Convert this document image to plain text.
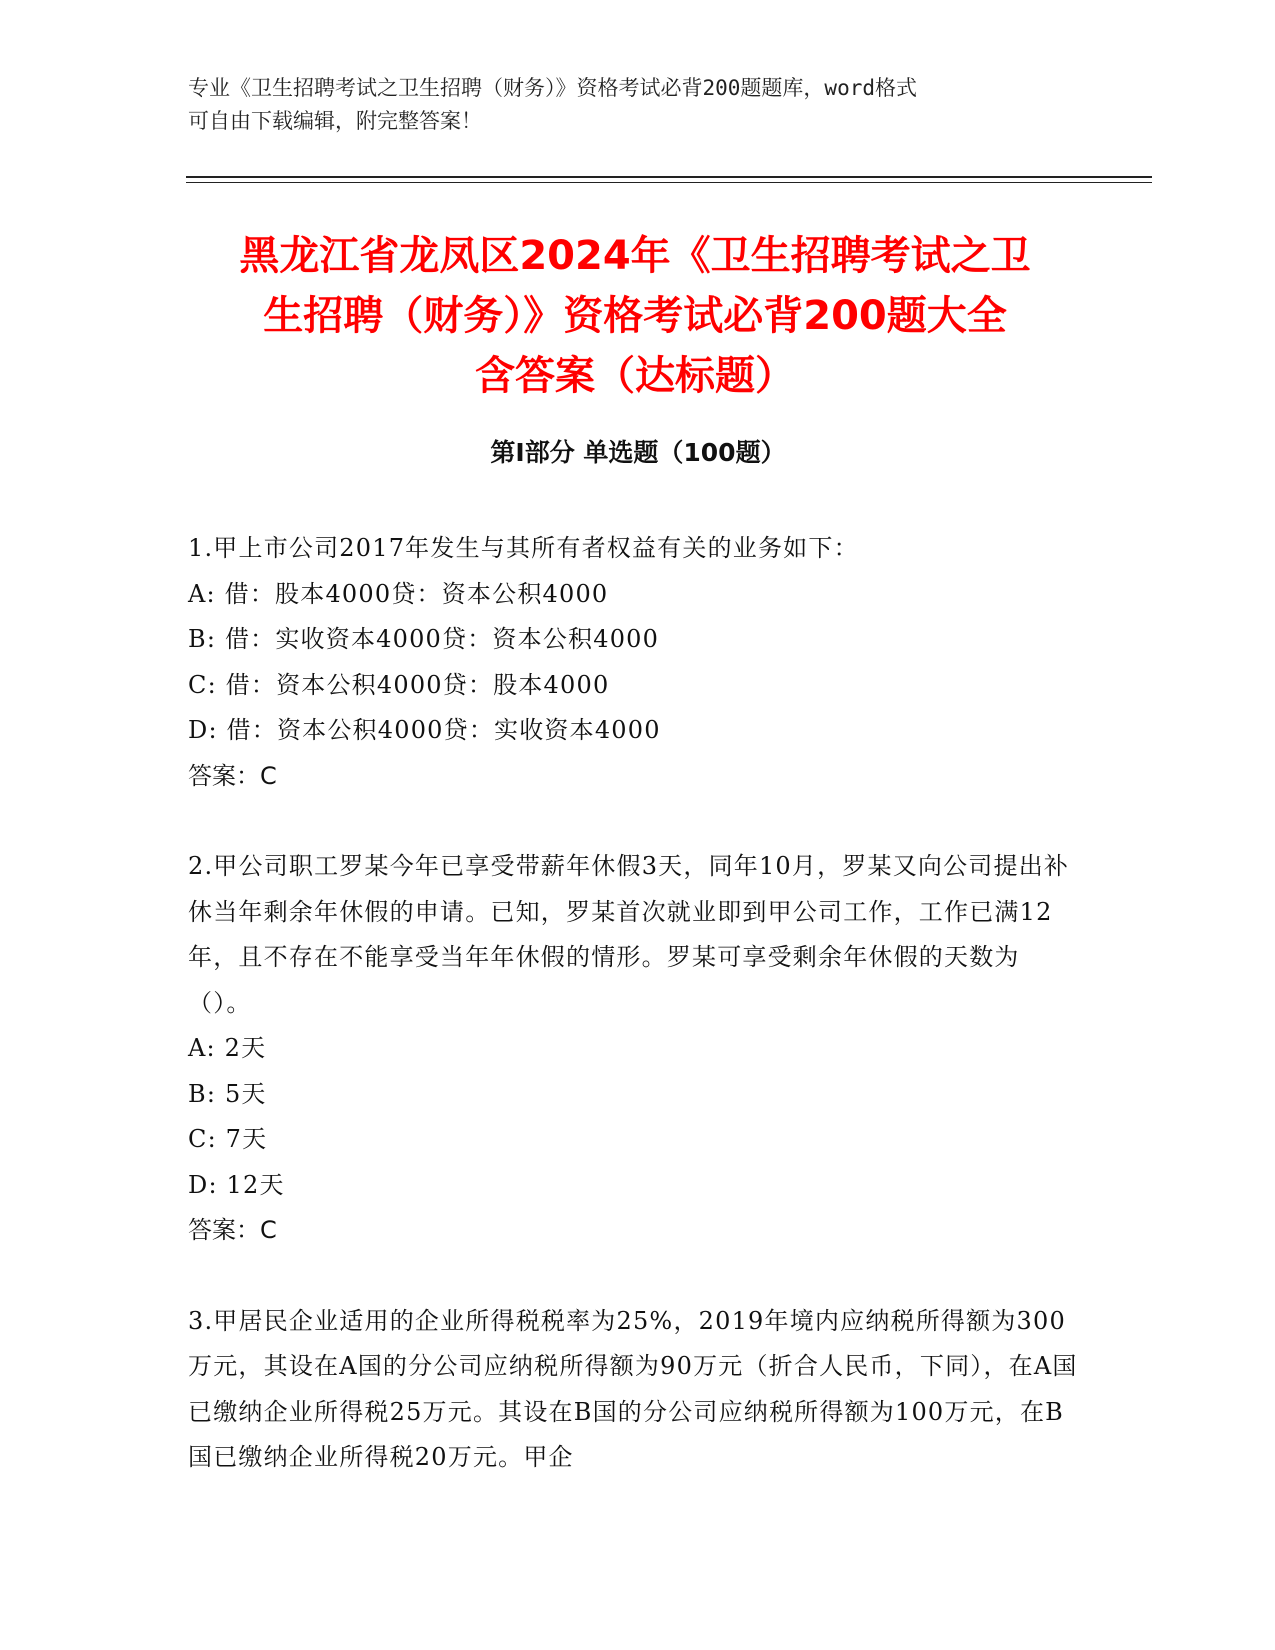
专业《卫生招聘考试之卫生招聘（财务）》资格考试必背200题题库，word格式
可自由下载编辑，附完整答案！
黑龙江省龙凤区2024年《卫生招聘考试之卫
生招聘（财务）》资格考试必背200题大全
含答案（达标题）
第Ⅰ部分 单选题（100题）

1.甲上市公司2017年发生与其所有者权益有关的业务如下：

A: 借：股本4000贷：资本公积4000

B: 借：实收资本4000贷：资本公积4000

C: 借：资本公积4000贷：股本4000

D: 借：资本公积4000贷：实收资本4000

答案：C

2.甲公司职工罗某今年已享受带薪年休假3天，同年10月，罗某又向公司提出补休当年剩余年休假的申请。已知，罗某首次就业即到甲公司工作，工作已满12年，且不存在不能享受当年年休假的情形。罗某可享受剩余年休假的天数为（）。

A: 2天

B: 5天

C: 7天

D: 12天

答案：C

3.甲居民企业适用的企业所得税税率为25%，2019年境内应纳税所得额为300万元，其设在A国的分公司应纳税所得额为90万元（折合人民币，下同），在A国已缴纳企业所得税25万元。其设在B国的分公司应纳税所得额为100万元，在B国已缴纳企业所得税20万元。甲企
